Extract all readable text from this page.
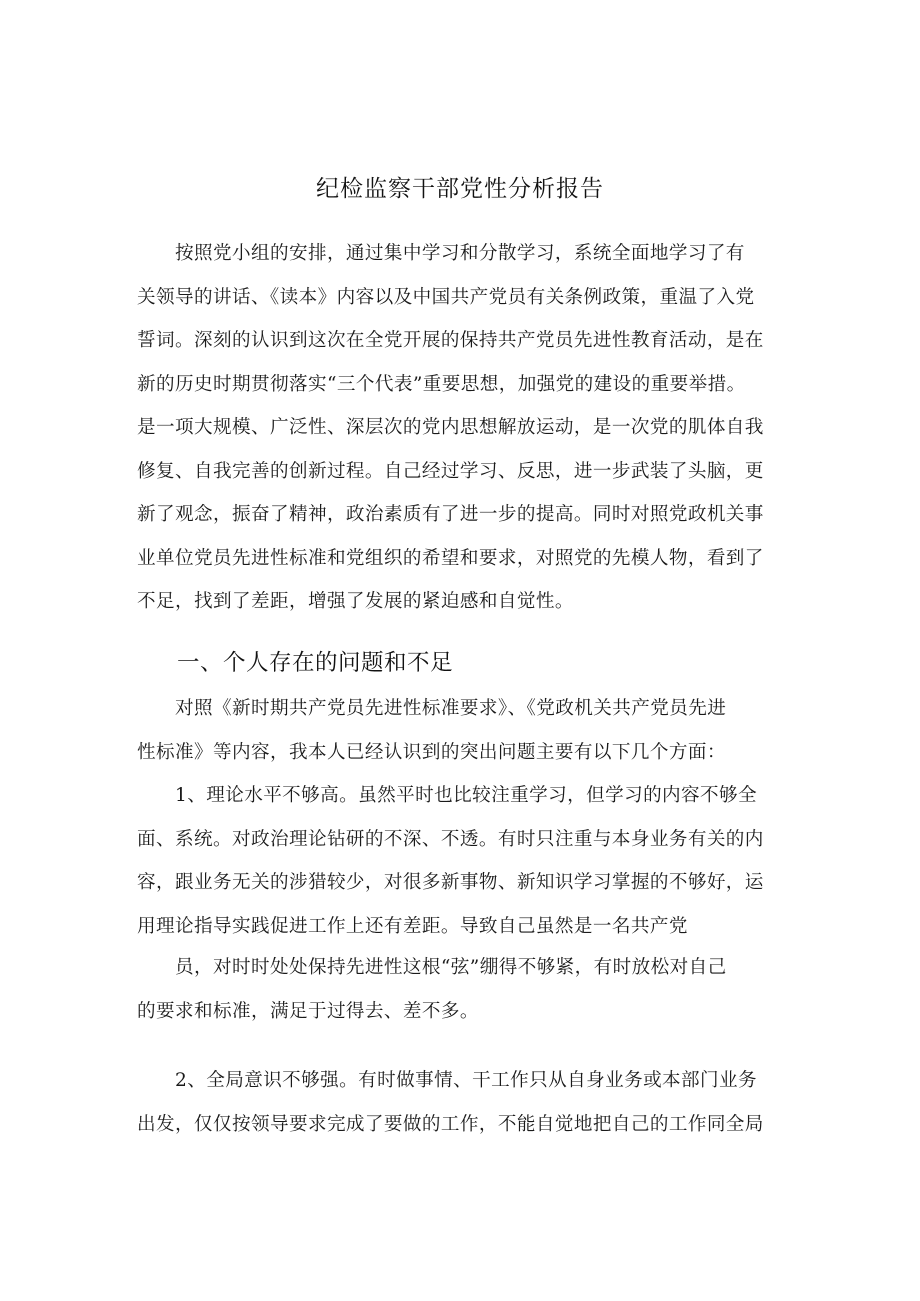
纪检监察干部党性分析报告

　　按照党小组的安排，通过集中学习和分散学习，系统全面地学习了有
关领导的讲话、《读本》内容以及中国共产党员有关条例政策，重温了入党
誓词。深刻的认识到这次在全党开展的保持共产党员先进性教育活动，是在
新的历史时期贯彻落实“三个代表”重要思想，加强党的建设的重要举措。
是一项大规模、广泛性、深层次的党内思想解放运动，是一次党的肌体自我
修复、自我完善的创新过程。自己经过学习、反思，进一步武装了头脑，更
新了观念，振奋了精神，政治素质有了进一步的提高。同时对照党政机关事
业单位党员先进性标准和党组织的希望和要求，对照党的先模人物，看到了
不足，找到了差距，增强了发展的紧迫感和自觉性。

一、个人存在的问题和不足

　　对照《新时期共产党员先进性标准要求》、《党政机关共产党员先进
性标准》等内容，我本人已经认识到的突出问题主要有以下几个方面：

　　1、理论水平不够高。虽然平时也比较注重学习，但学习的内容不够全
面、系统。对政治理论钻研的不深、不透。有时只注重与本身业务有关的内
容，跟业务无关的涉猎较少，对很多新事物、新知识学习掌握的不够好，运
用理论指导实践促进工作上还有差距。导致自己虽然是一名共产党

　　员，对时时处处保持先进性这根“弦”绷得不够紧，有时放松对自己
的要求和标准，满足于过得去、差不多。

　　2、全局意识不够强。有时做事情、干工作只从自身业务或本部门业务
出发，仅仅按领导要求完成了要做的工作，不能自觉地把自己的工作同全局
